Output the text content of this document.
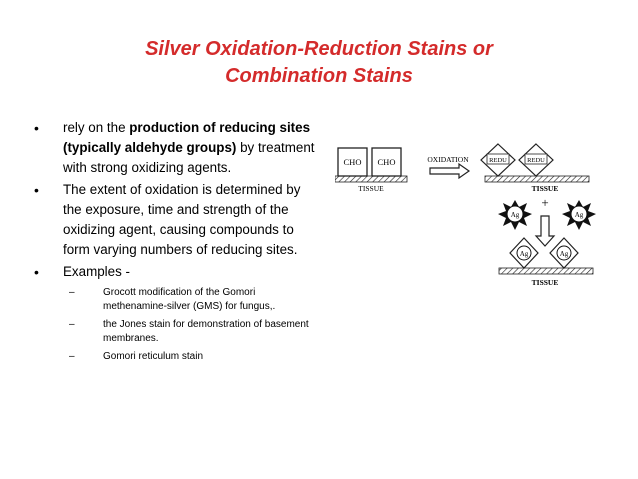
Silver Oxidation-Reduction Stains or
Combination Stains
• rely on the production of reducing sites (typically aldehyde groups) by treatment with strong oxidizing agents.
• The extent of oxidation is determined by the exposure, time and strength of the oxidizing agent, causing compounds to form varying numbers of reducing sites.
• Examples -
–	Grocott modification of the Gomori methenamine-silver (GMS) for fungus,.
–	the Jones stain for demonstration of basement membranes.
–	Gomori reticulum stain
CHO CHO
TISSUE
OXIDATION	REDU	REDU
TISSUE
Ag
+
Ag
Ag	Ag
TISSUE
